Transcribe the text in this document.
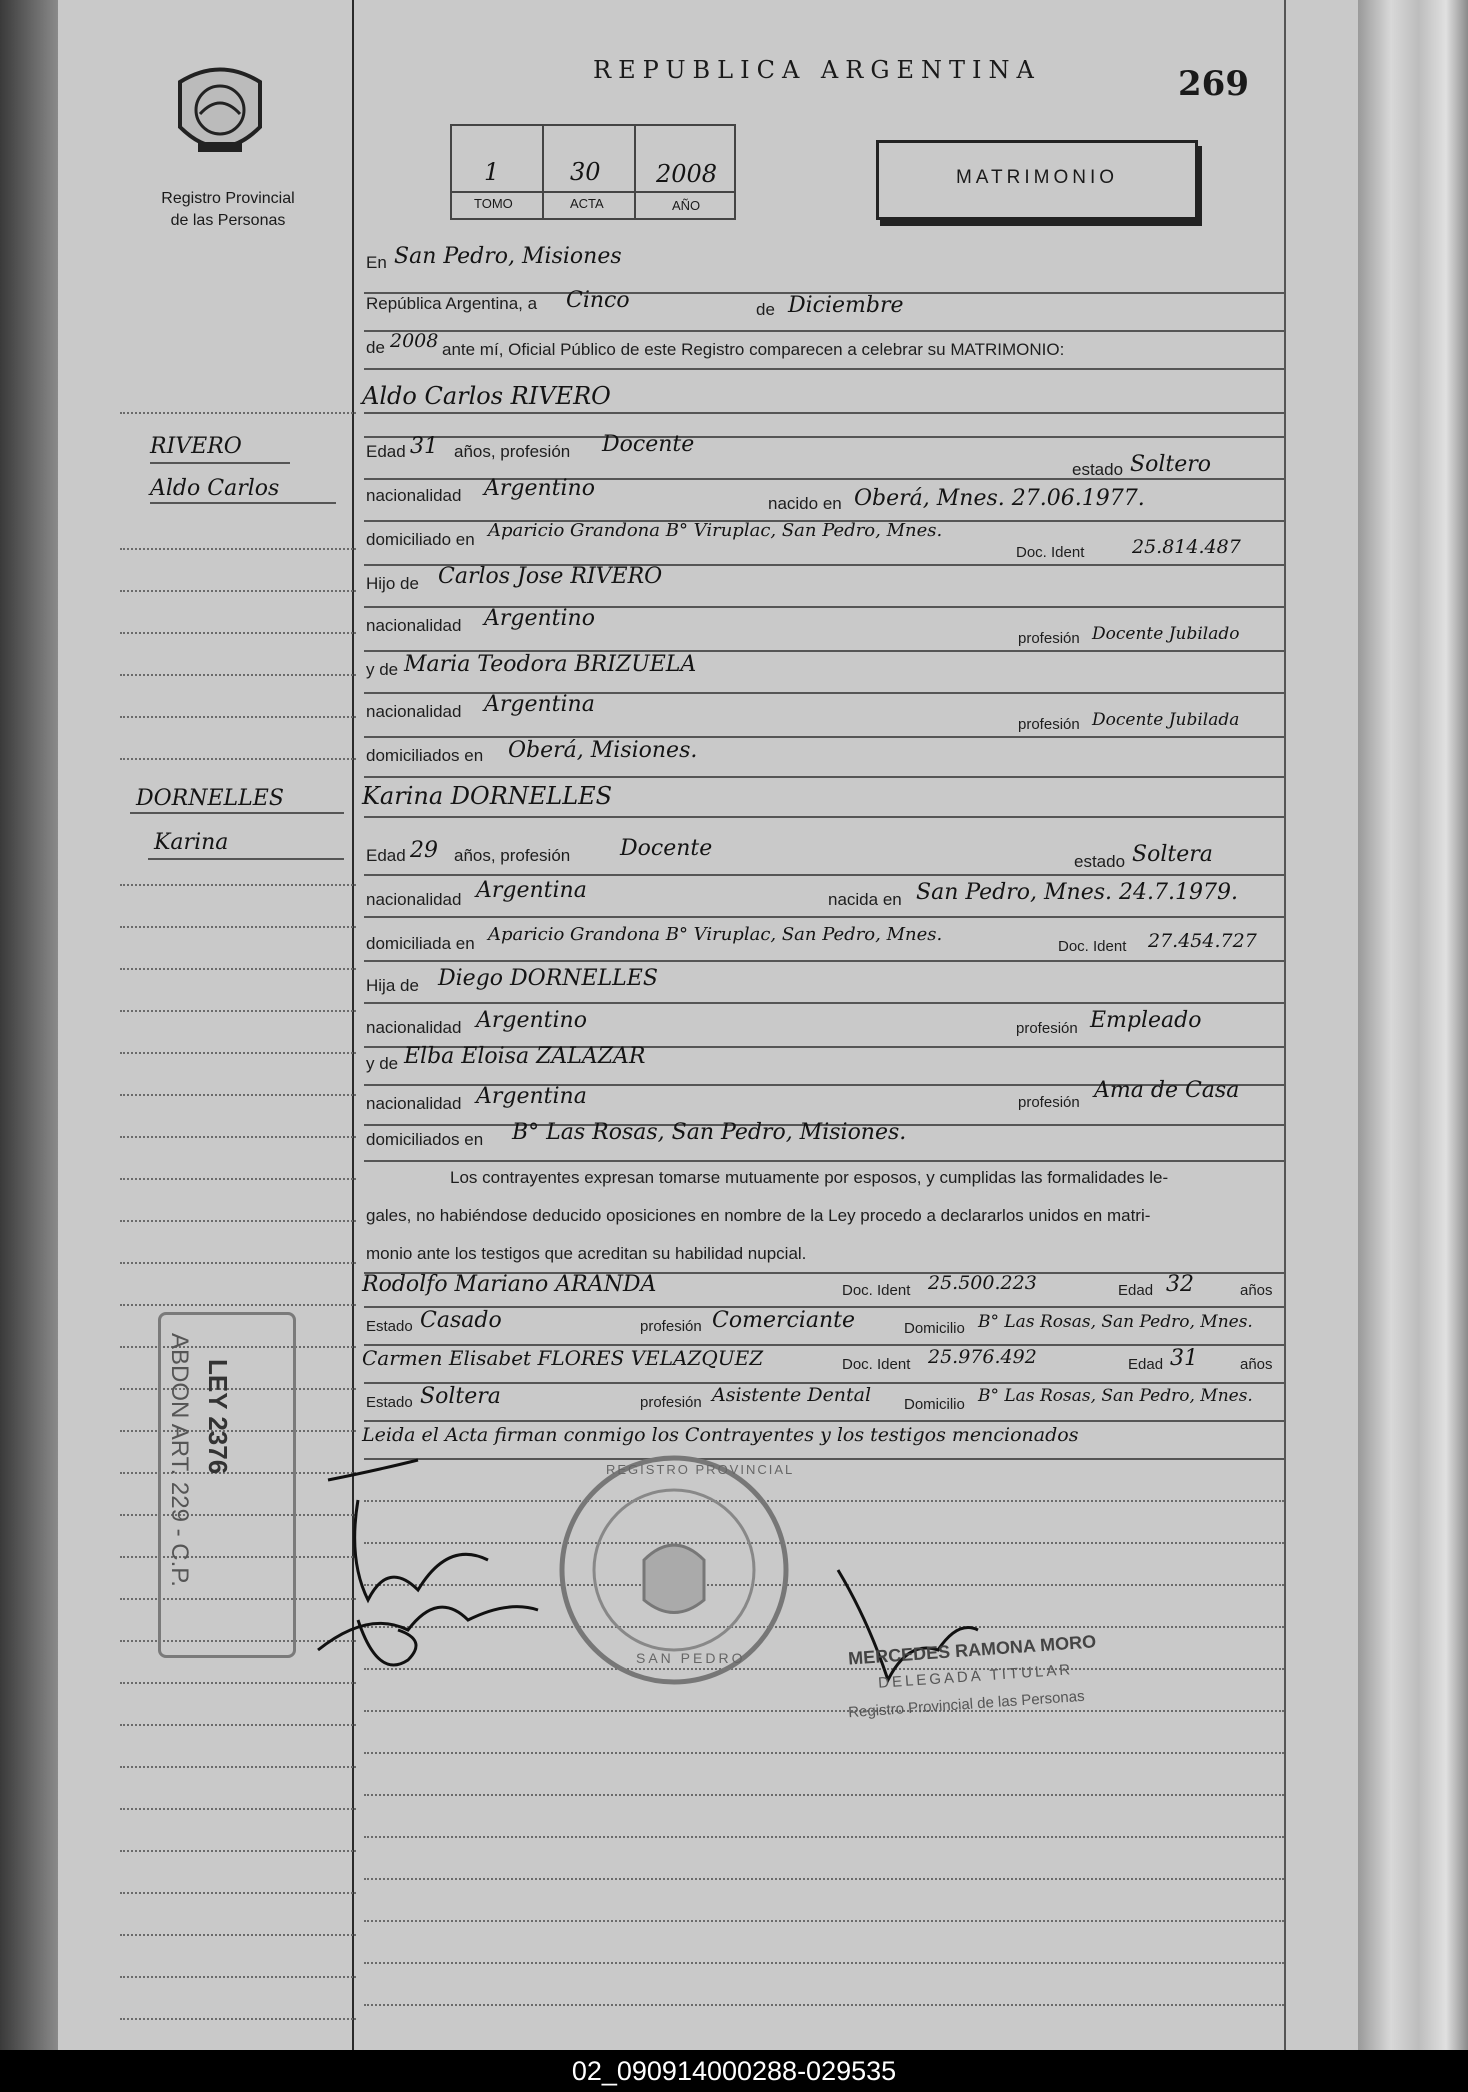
Registro Provincial
de las Personas
REPUBLICA ARGENTINA	269
1	30 2008
TOMO	ACTA	AÑO
MATRIMONIO
En San Pedro, Misiones
República Argentina, a Cinco	de Diciembre
de 2008 ante mí, Oficial Público de este Registro comparecen a celebrar su MATRIMONIO:
Aldo Carlos RIVERO
RIVERO
Aldo Carlos
DORNELLES
Karina
Edad 31 años, profesión Docente
estado Soltero
nacionalidad Argentino
nacido en Oberá, Mnes. 27.06.1977.
domiciliado en Aparicio Grandona B° Viruplac, San Pedro, Mnes.
Doc. Ident	25.814.487
Hijo de Carlos Jose RIVERO
nacionalidad Argentino
profesión Docente Jubilado
y de Maria Teodora BRIZUELA
nacionalidad Argentina
profesión Docente Jubilada
domiciliados en Oberá, Misiones.
Karina DORNELLES
Edad 29 años, profesión Docente
estado Soltera
nacionalidad Argentina	nacida en San Pedro, Mnes. 24.7.1979.
domiciliada en Aparicio Grandona B° Viruplac, San Pedro, Mnes.
Doc. Ident 27.454.727
Hija de Diego DORNELLES
nacionalidad Argentino	profesión Empleado
y de Elba Eloisa ZALAZAR
nacionalidad Argentina	profesión Ama de Casa
domiciliados en B° Las Rosas, San Pedro, Misiones.
Los contrayentes expresan tomarse mutuamente por esposos, y cumplidas las formalidades le-
gales, no habiéndose deducido oposiciones en nombre de la Ley procedo a declararlos unidos en matri-
monio ante los testigos que acreditan su habilidad nupcial.
Rodolfo Mariano ARANDA	Doc. Ident 25.500.223	Edad 32	años
Estado Casado	profesión Comerciante	Domicilio B° Las Rosas, San Pedro, Mnes.
Carmen Elisabet FLORES VELAZQUEZ	Doc. Ident 25.976.492	Edad 31	años
Estado Soltera	profesión Asistente Dental Domicilio B° Las Rosas, San Pedro, Mnes.
Leida el Acta firman conmigo los Contrayentes y los testigos mencionados
LEY 2376
ABDON ART. 229 - C.P.	REGISTRO PROVINCIAL
SAN PEDRO	MERCEDES RAMONA MORO
DELEGADA TITULAR
Registro Provincial de las Personas
02_090914000288-029535
